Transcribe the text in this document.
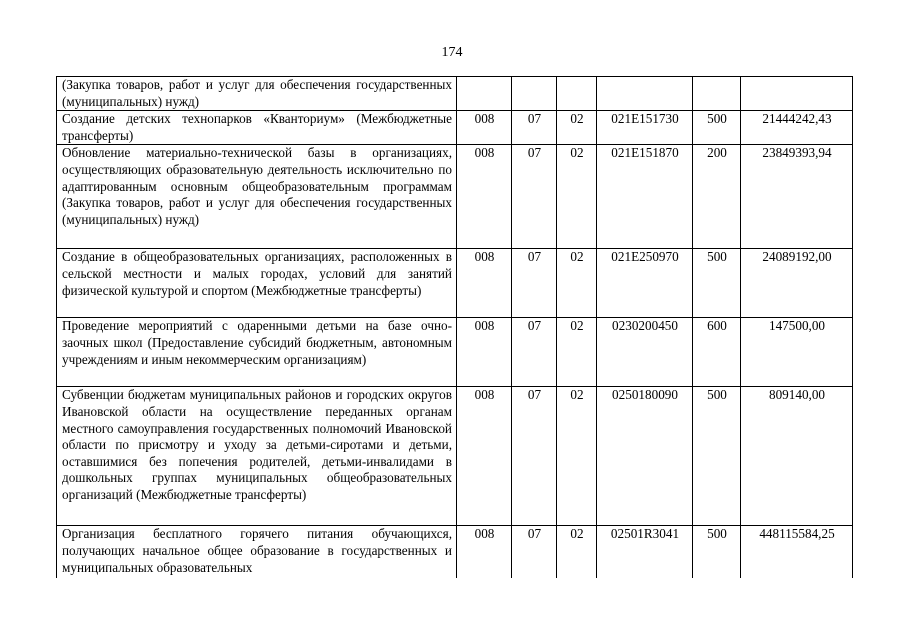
174
(Закупка товаров, работ и услуг для обеспечения государственных (муниципальных) нужд)						
Создание детских технопарков «Кванториум» (Межбюджетные трансферты)	008	07	02	021E151730	500	21444242,43
Обновление материально-технической базы в организациях, осуществляющих образовательную деятельность исключительно по адаптированным основным общеобразовательным программам (Закупка товаров, работ и услуг для обеспечения государственных (муниципальных) нужд)	008	07	02	021E151870	200	23849393,94
Создание в общеобразовательных организациях, расположенных в сельской местности и малых городах, условий для занятий физической культурой и спортом (Межбюджетные трансферты)	008	07	02	021E250970	500	24089192,00
Проведение мероприятий с одаренными детьми на базе очно-заочных школ (Предоставление субсидий бюджетным, автономным учреждениям и иным некоммерческим организациям)	008	07	02	0230200450	600	147500,00
Субвенции бюджетам муниципальных районов и городских округов Ивановской области на осуществление переданных органам местного самоуправления государственных полномочий Ивановской области по присмотру и уходу за детьми-сиротами и детьми, оставшимися без попечения родителей, детьми-инвалидами в дошкольных группах муниципальных общеобразовательных организаций (Межбюджетные трансферты)	008	07	02	0250180090	500	809140,00
Организация бесплатного горячего питания обучающихся, получающих начальное общее образование в государственных и муниципальных образовательных	008	07	02	02501R3041	500	448115584,25
